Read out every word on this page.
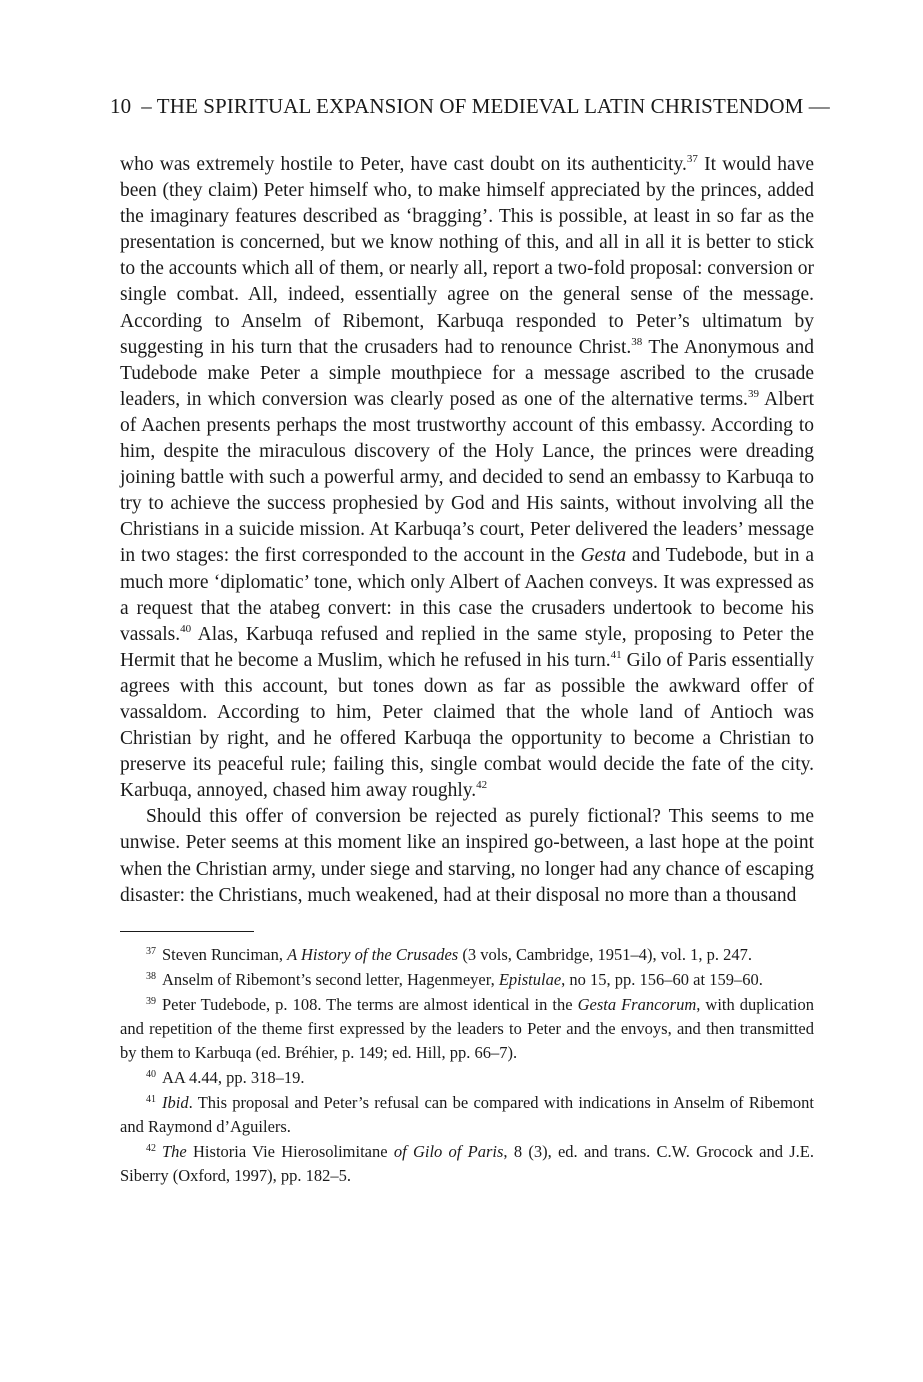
10 – THE SPIRITUAL EXPANSION OF MEDIEVAL LATIN CHRISTENDOM —

who was extremely hostile to Peter, have cast doubt on its authenticity.$^{37}$ It would have been (they claim) Peter himself who, to make himself appreciated by the princes, added the imaginary features described as ‘bragging’. This is possible, at least in so far as the presentation is concerned, but we know nothing of this, and all in all it is better to stick to the accounts which all of them, or nearly all, report a two-fold proposal: conversion or single combat. All, indeed, essentially agree on the general sense of the message. According to Anselm of Ribemont, Karbuqa responded to Peter’s ultimatum by suggesting in his turn that the crusaders had to renounce Christ.$^{38}$ The Anonymous and Tudebode make Peter a simple mouthpiece for a message ascribed to the crusade leaders, in which conversion was clearly posed as one of the alternative terms.$^{39}$ Albert of Aachen presents perhaps the most trustworthy account of this embassy. According to him, despite the miraculous discovery of the Holy Lance, the princes were dreading joining battle with such a powerful army, and decided to send an embassy to Karbuqa to try to achieve the success prophesied by God and His saints, without involving all the Christians in a suicide mission. At Karbuqa’s court, Peter delivered the leaders’ message in two stages: the first corresponded to the account in the Gesta and Tudebode, but in a much more ‘diplomatic’ tone, which only Albert of Aachen conveys. It was expressed as a request that the atabeg convert: in this case the crusaders undertook to become his vassals.$^{40}$ Alas, Karbuqa refused and replied in the same style, proposing to Peter the Hermit that he become a Muslim, which he refused in his turn.$^{41}$ Gilo of Paris essentially agrees with this account, but tones down as far as possible the awkward offer of vassaldom. According to him, Peter claimed that the whole land of Antioch was Christian by right, and he offered Karbuqa the opportunity to become a Christian to preserve its peaceful rule; failing this, single combat would decide the fate of the city. Karbuqa, annoyed, chased him away roughly.$^{42}$

Should this offer of conversion be rejected as purely fictional? This seems to me unwise. Peter seems at this moment like an inspired go-between, a last hope at the point when the Christian army, under siege and starving, no longer had any chance of escaping disaster: the Christians, much weakened, had at their disposal no more than a thousand

$^{37}$ Steven Runciman, A History of the Crusades (3 vols, Cambridge, 1951–4), vol. 1, p. 247.

$^{38}$ Anselm of Ribemont’s second letter, Hagenmeyer, Epistulae, no 15, pp. 156–60 at 159–60.

$^{39}$ Peter Tudebode, p. 108. The terms are almost identical in the Gesta Francorum, with duplication and repetition of the theme first expressed by the leaders to Peter and the envoys, and then transmitted by them to Karbuqa (ed. Bréhier, p. 149; ed. Hill, pp. 66–7).

$^{40}$ AA 4.44, pp. 318–19.

$^{41}$ Ibid. This proposal and Peter’s refusal can be compared with indications in Anselm of Ribemont and Raymond d’Aguilers.

$^{42}$ The Historia Vie Hierosolimitane of Gilo of Paris, 8 (3), ed. and trans. C.W. Grocock and J.E. Siberry (Oxford, 1997), pp. 182–5.
